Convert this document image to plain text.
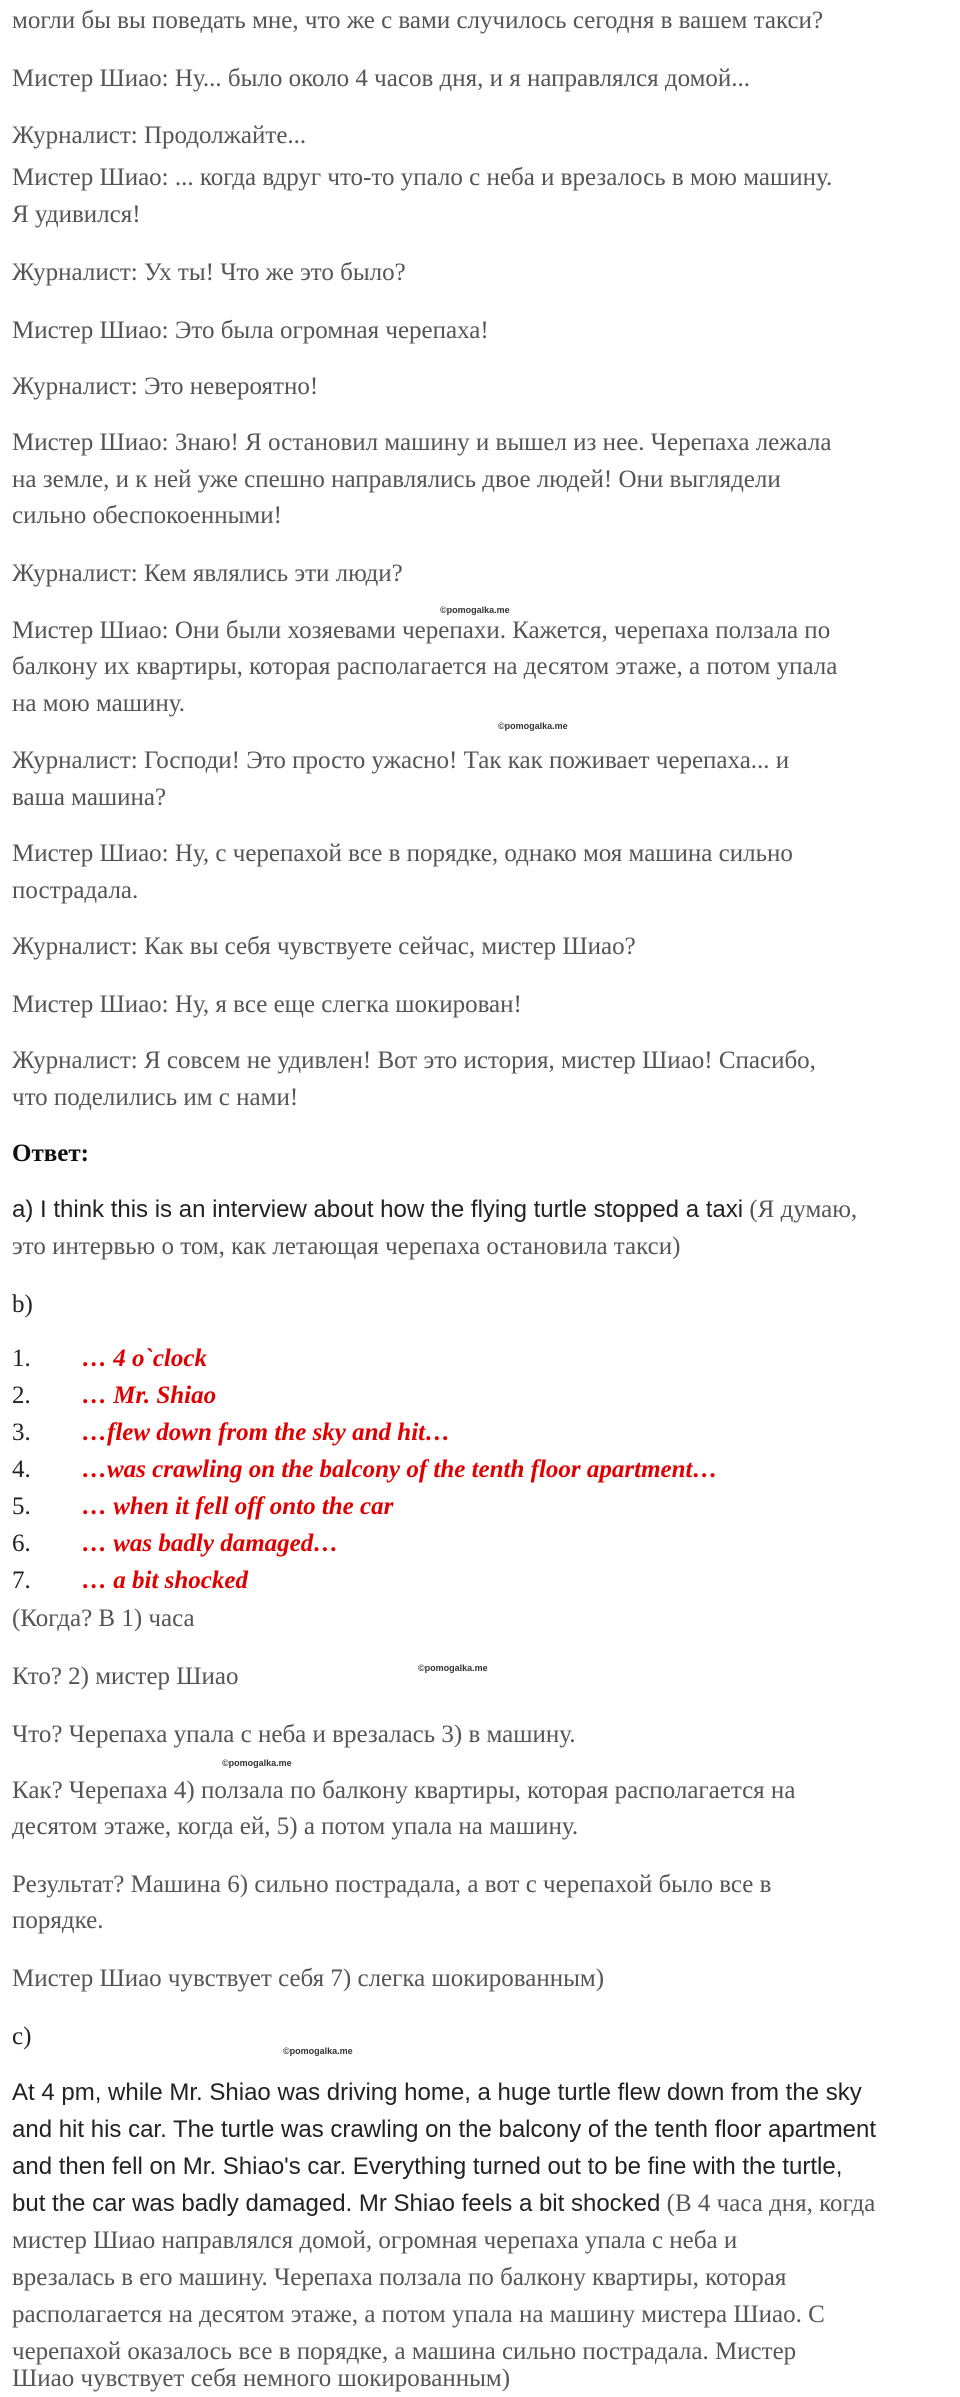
могли бы вы поведать мне, что же с вами случилось сегодня в вашем такси?
Мистер Шиао: Ну... было около 4 часов дня, и я направлялся домой...
Журналист: Продолжайте...
Мистер Шиао: ... когда вдруг что-то упало с неба и врезалось в мою машину.
Я удивился!
Журналист: Ух ты! Что же это было?
Мистер Шиао: Это была огромная черепаха!
Журналист: Это невероятно!
Мистер Шиао: Знаю! Я остановил машину и вышел из нее. Черепаха лежала
на земле, и к ней уже спешно направлялись двое людей! Они выглядели
сильно обеспокоенными!
Журналист: Кем являлись эти люди?
Мистер Шиао: Они были хозяевами черепахи. Кажется, черепаха ползала по
балкону их квартиры, которая располагается на десятом этаже, а потом упала
на мою машину.
Журналист: Господи! Это просто ужасно! Так как поживает черепаха... и
ваша машина?
Мистер Шиао: Ну, с черепахой все в порядке, однако моя машина сильно
пострадала.
Журналист: Как вы себя чувствуете сейчас, мистер Шиао?
Мистер Шиао: Ну, я все еще слегка шокирован!
Журналист: Я совсем не удивлен! Вот это история, мистер Шиао! Спасибо,
что поделились им с нами!
Ответ:
a) I think this is an interview about how the flying turtle stopped a taxi (Я думаю,
это интервью о том, как летающая черепаха остановила такси)
b)
1. … 4 o`clock
2. … Mr. Shiao
3. …flew down from the sky and hit…
4. …was crawling on the balcony of the tenth floor apartment…
5. … when it fell off onto the car
6. … was badly damaged…
7. … a bit shocked
(Когда? В 1) часа
Кто? 2) мистер Шиао
Что? Черепаха упала с неба и врезалась 3) в машину.
Как? Черепаха 4) ползала по балкону квартиры, которая располагается на
десятом этаже, когда ей, 5) а потом упала на машину.
Результат? Машина 6) сильно пострадала, а вот с черепахой было все в
порядке.
Мистер Шиао чувствует себя 7) слегка шокированным)
c)
At 4 pm, while Mr. Shiao was driving home, a huge turtle flew down from the sky
and hit his car. The turtle was crawling on the balcony of the tenth floor apartment
and then fell on Mr. Shiao's car. Everything turned out to be fine with the turtle,
but the car was badly damaged. Mr Shiao feels a bit shocked (В 4 часа дня, когда
мистер Шиао направлялся домой, огромная черепаха упала с неба и
врезалась в его машину. Черепаха ползала по балкону квартиры, которая
располагается на десятом этаже, а потом упала на машину мистера Шиао. С
черепахой оказалось все в порядке, а машина сильно пострадала. Мистер
Шиао чувствует себя немного шокированным)
©pomogalka.me
©pomogalka.me
©pomogalka.me
©pomogalka.me
©pomogalka.me
